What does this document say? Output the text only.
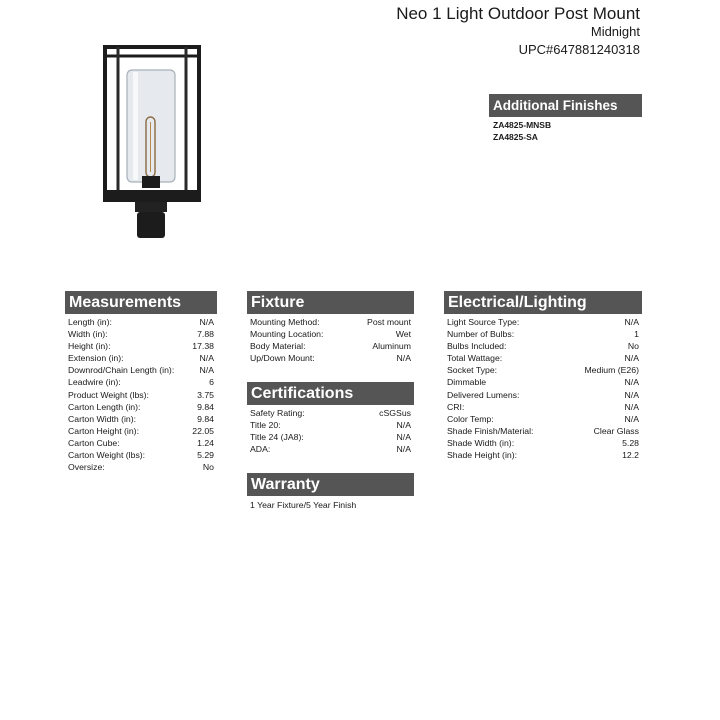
Neo 1 Light Outdoor Post Mount
Midnight
UPC#647881240318
Additional Finishes
ZA4825-MNSB
ZA4825-SA
Measurements
Length (in):	N/A
Width (in):	7.88
Height (in):	17.38
Extension (in):	N/A
Downrod/Chain Length (in):	N/A
Leadwire (in):	6
Product Weight (lbs):	3.75
Carton Length (in):	9.84
Carton Width (in):	9.84
Carton Height (in):	22.05
Carton Cube:	1.24
Carton Weight (lbs):	5.29
Oversize:	No
Fixture
Mounting Method:	Post mount
Mounting Location:	Wet
Body Material:	Aluminum
Up/Down Mount:	N/A
Certifications
Safety Rating:	cSGSus
Title 20:	N/A
Title 24 (JA8):	N/A
ADA:	N/A
Warranty
1 Year Fixture/5 Year Finish
Electrical/Lighting
Light Source Type:	N/A
Number of Bulbs:	1
Bulbs Included:	No
Total Wattage:	N/A
Socket Type:	Medium (E26)
Dimmable	N/A
Delivered Lumens:	N/A
CRI:	N/A
Color Temp:	N/A
Shade Finish/Material:	Clear Glass
Shade Width (in):	5.28
Shade Height (in):	12.2
